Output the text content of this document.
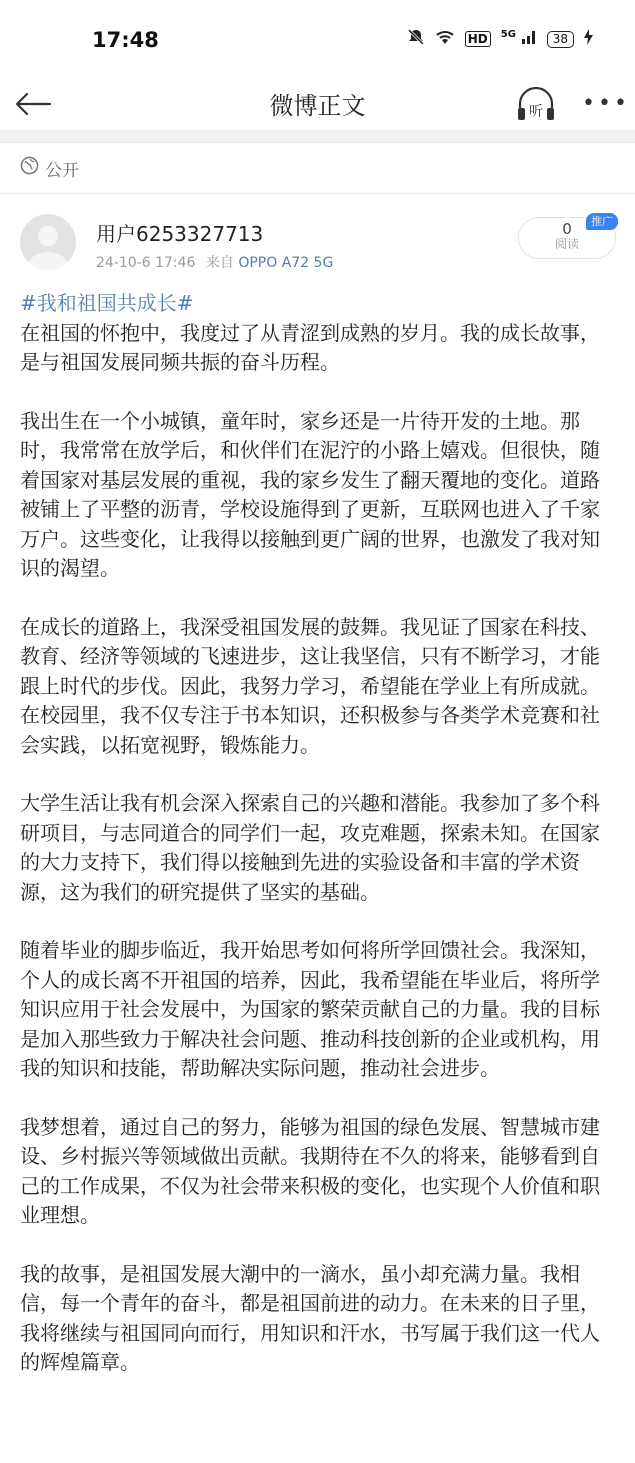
17:48	HD	$^{5G}$	38
微博正文	听 •••
公开
用户6253327713
24-10-6 17:46 来自 OPPO A72 5G
0
阅读
推广
#我和祖国共成长#

在祖国的怀抱中，我度过了从青涩到成熟的岁月。我的成长故事，是与祖国发展同频共振的奋斗历程。

我出生在一个小城镇，童年时，家乡还是一片待开发的土地。那时，我常常在放学后，和伙伴们在泥泞的小路上嬉戏。但很快，随着国家对基层发展的重视，我的家乡发生了翻天覆地的变化。道路被铺上了平整的沥青，学校设施得到了更新，互联网也进入了千家万户。这些变化，让我得以接触到更广阔的世界，也激发了我对知识的渴望。

在成长的道路上，我深受祖国发展的鼓舞。我见证了国家在科技、教育、经济等领域的飞速进步，这让我坚信，只有不断学习，才能跟上时代的步伐。因此，我努力学习，希望能在学业上有所成就。在校园里，我不仅专注于书本知识，还积极参与各类学术竞赛和社会实践，以拓宽视野，锻炼能力。

大学生活让我有机会深入探索自己的兴趣和潜能。我参加了多个科研项目，与志同道合的同学们一起，攻克难题，探索未知。在国家的大力支持下，我们得以接触到先进的实验设备和丰富的学术资源，这为我们的研究提供了坚实的基础。

随着毕业的脚步临近，我开始思考如何将所学回馈社会。我深知，个人的成长离不开祖国的培养，因此，我希望能在毕业后，将所学知识应用于社会发展中，为国家的繁荣贡献自己的力量。我的目标是加入那些致力于解决社会问题、推动科技创新的企业或机构，用我的知识和技能，帮助解决实际问题，推动社会进步。

我梦想着，通过自己的努力，能够为祖国的绿色发展、智慧城市建设、乡村振兴等领域做出贡献。我期待在不久的将来，能够看到自己的工作成果，不仅为社会带来积极的变化，也实现个人价值和职业理想。

我的故事，是祖国发展大潮中的一滴水，虽小却充满力量。我相信，每一个青年的奋斗，都是祖国前进的动力。在未来的日子里，我将继续与祖国同向而行，用知识和汗水，书写属于我们这一代人的辉煌篇章。
